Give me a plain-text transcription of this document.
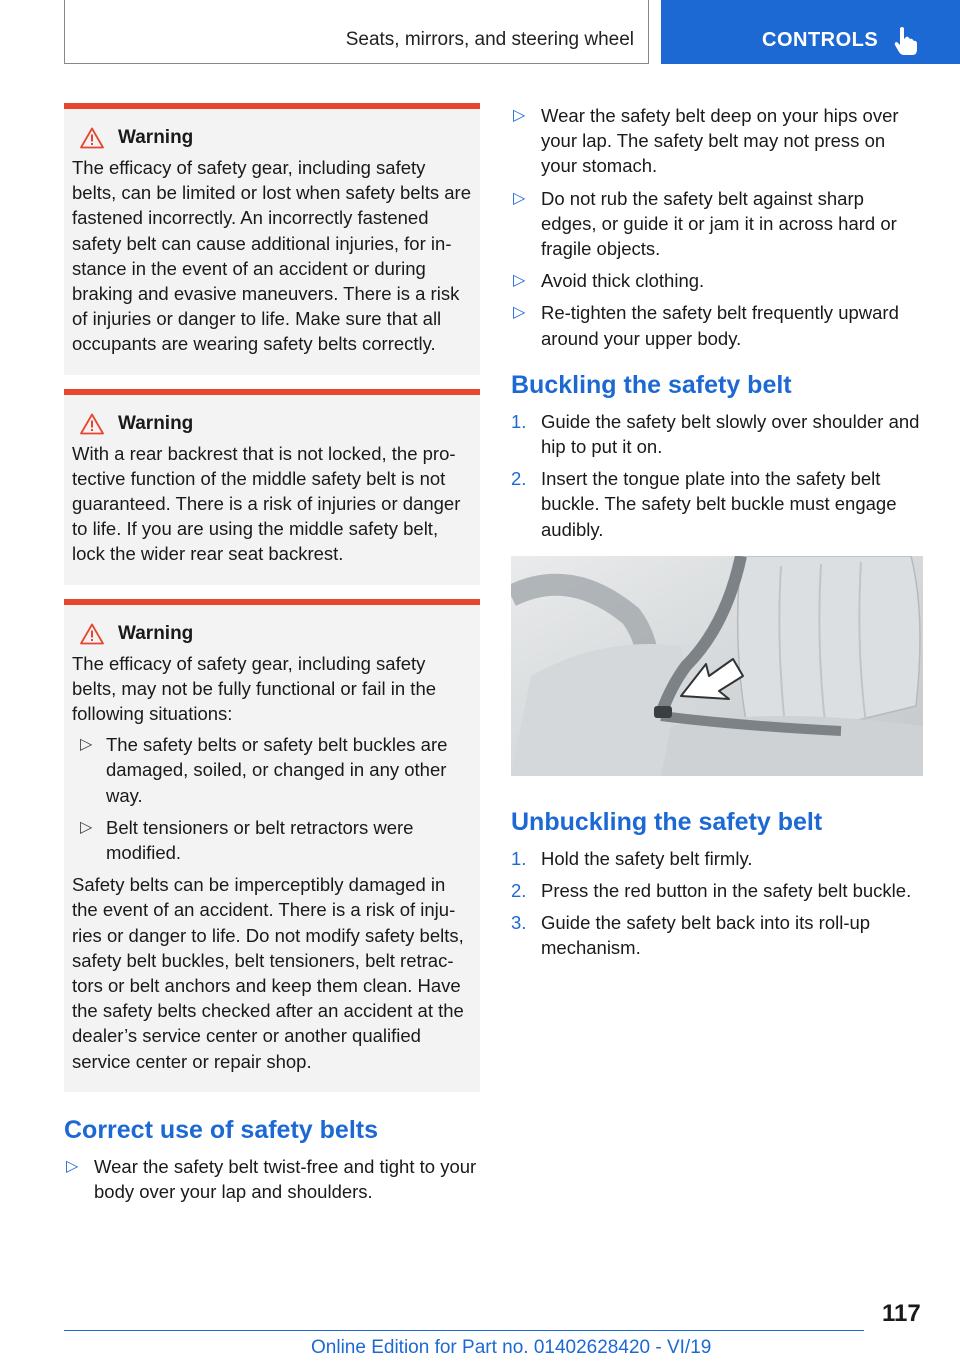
Seats, mirrors, and steering wheel	CONTROLS
Warning

The efficacy of safety gear, including safety belts, can be limited or lost when safety belts are fastened incorrectly. An incorrectly fastened safety belt can cause additional injuries, for instance in the event of an accident or during braking and evasive maneuvers. There is a risk of injuries or danger to life. Make sure that all occupants are wearing safety belts correctly.

Warning

With a rear backrest that is not locked, the protective function of the middle safety belt is not guaranteed. There is a risk of injuries or danger to life. If you are using the middle safety belt, lock the wider rear seat backrest.

Warning

The efficacy of safety gear, including safety belts, may not be fully functional or fail in the following situations:

▷ The safety belts or safety belt buckles are damaged, soiled, or changed in any other way.
▷ Belt tensioners or belt retractors were modified.

Safety belts can be imperceptibly damaged in the event of an accident. There is a risk of injuries or danger to life. Do not modify safety belts, safety belt buckles, belt tensioners, belt retractors or belt anchors and keep them clean. Have the safety belts checked after an accident at the dealer’s service center or another qualified service center or repair shop.

Correct use of safety belts
▷ Wear the safety belt twist-free and tight to your body over your lap and shoulders.
▷ Wear the safety belt deep on your hips over your lap. The safety belt may not press on your stomach.
▷ Do not rub the safety belt against sharp edges, or guide it or jam it in across hard or fragile objects.
▷ Avoid thick clothing.
▷ Re-tighten the safety belt frequently upward around your upper body.
Buckling the safety belt
1. Guide the safety belt slowly over shoulder and hip to put it on.
2. Insert the tongue plate into the safety belt buckle. The safety belt buckle must engage audibly.
Unbuckling the safety belt
1. Hold the safety belt firmly.
2. Press the red button in the safety belt buckle.
3. Guide the safety belt back into its roll-up mechanism.
117
Online Edition for Part no. 01402628420 - VI/19
